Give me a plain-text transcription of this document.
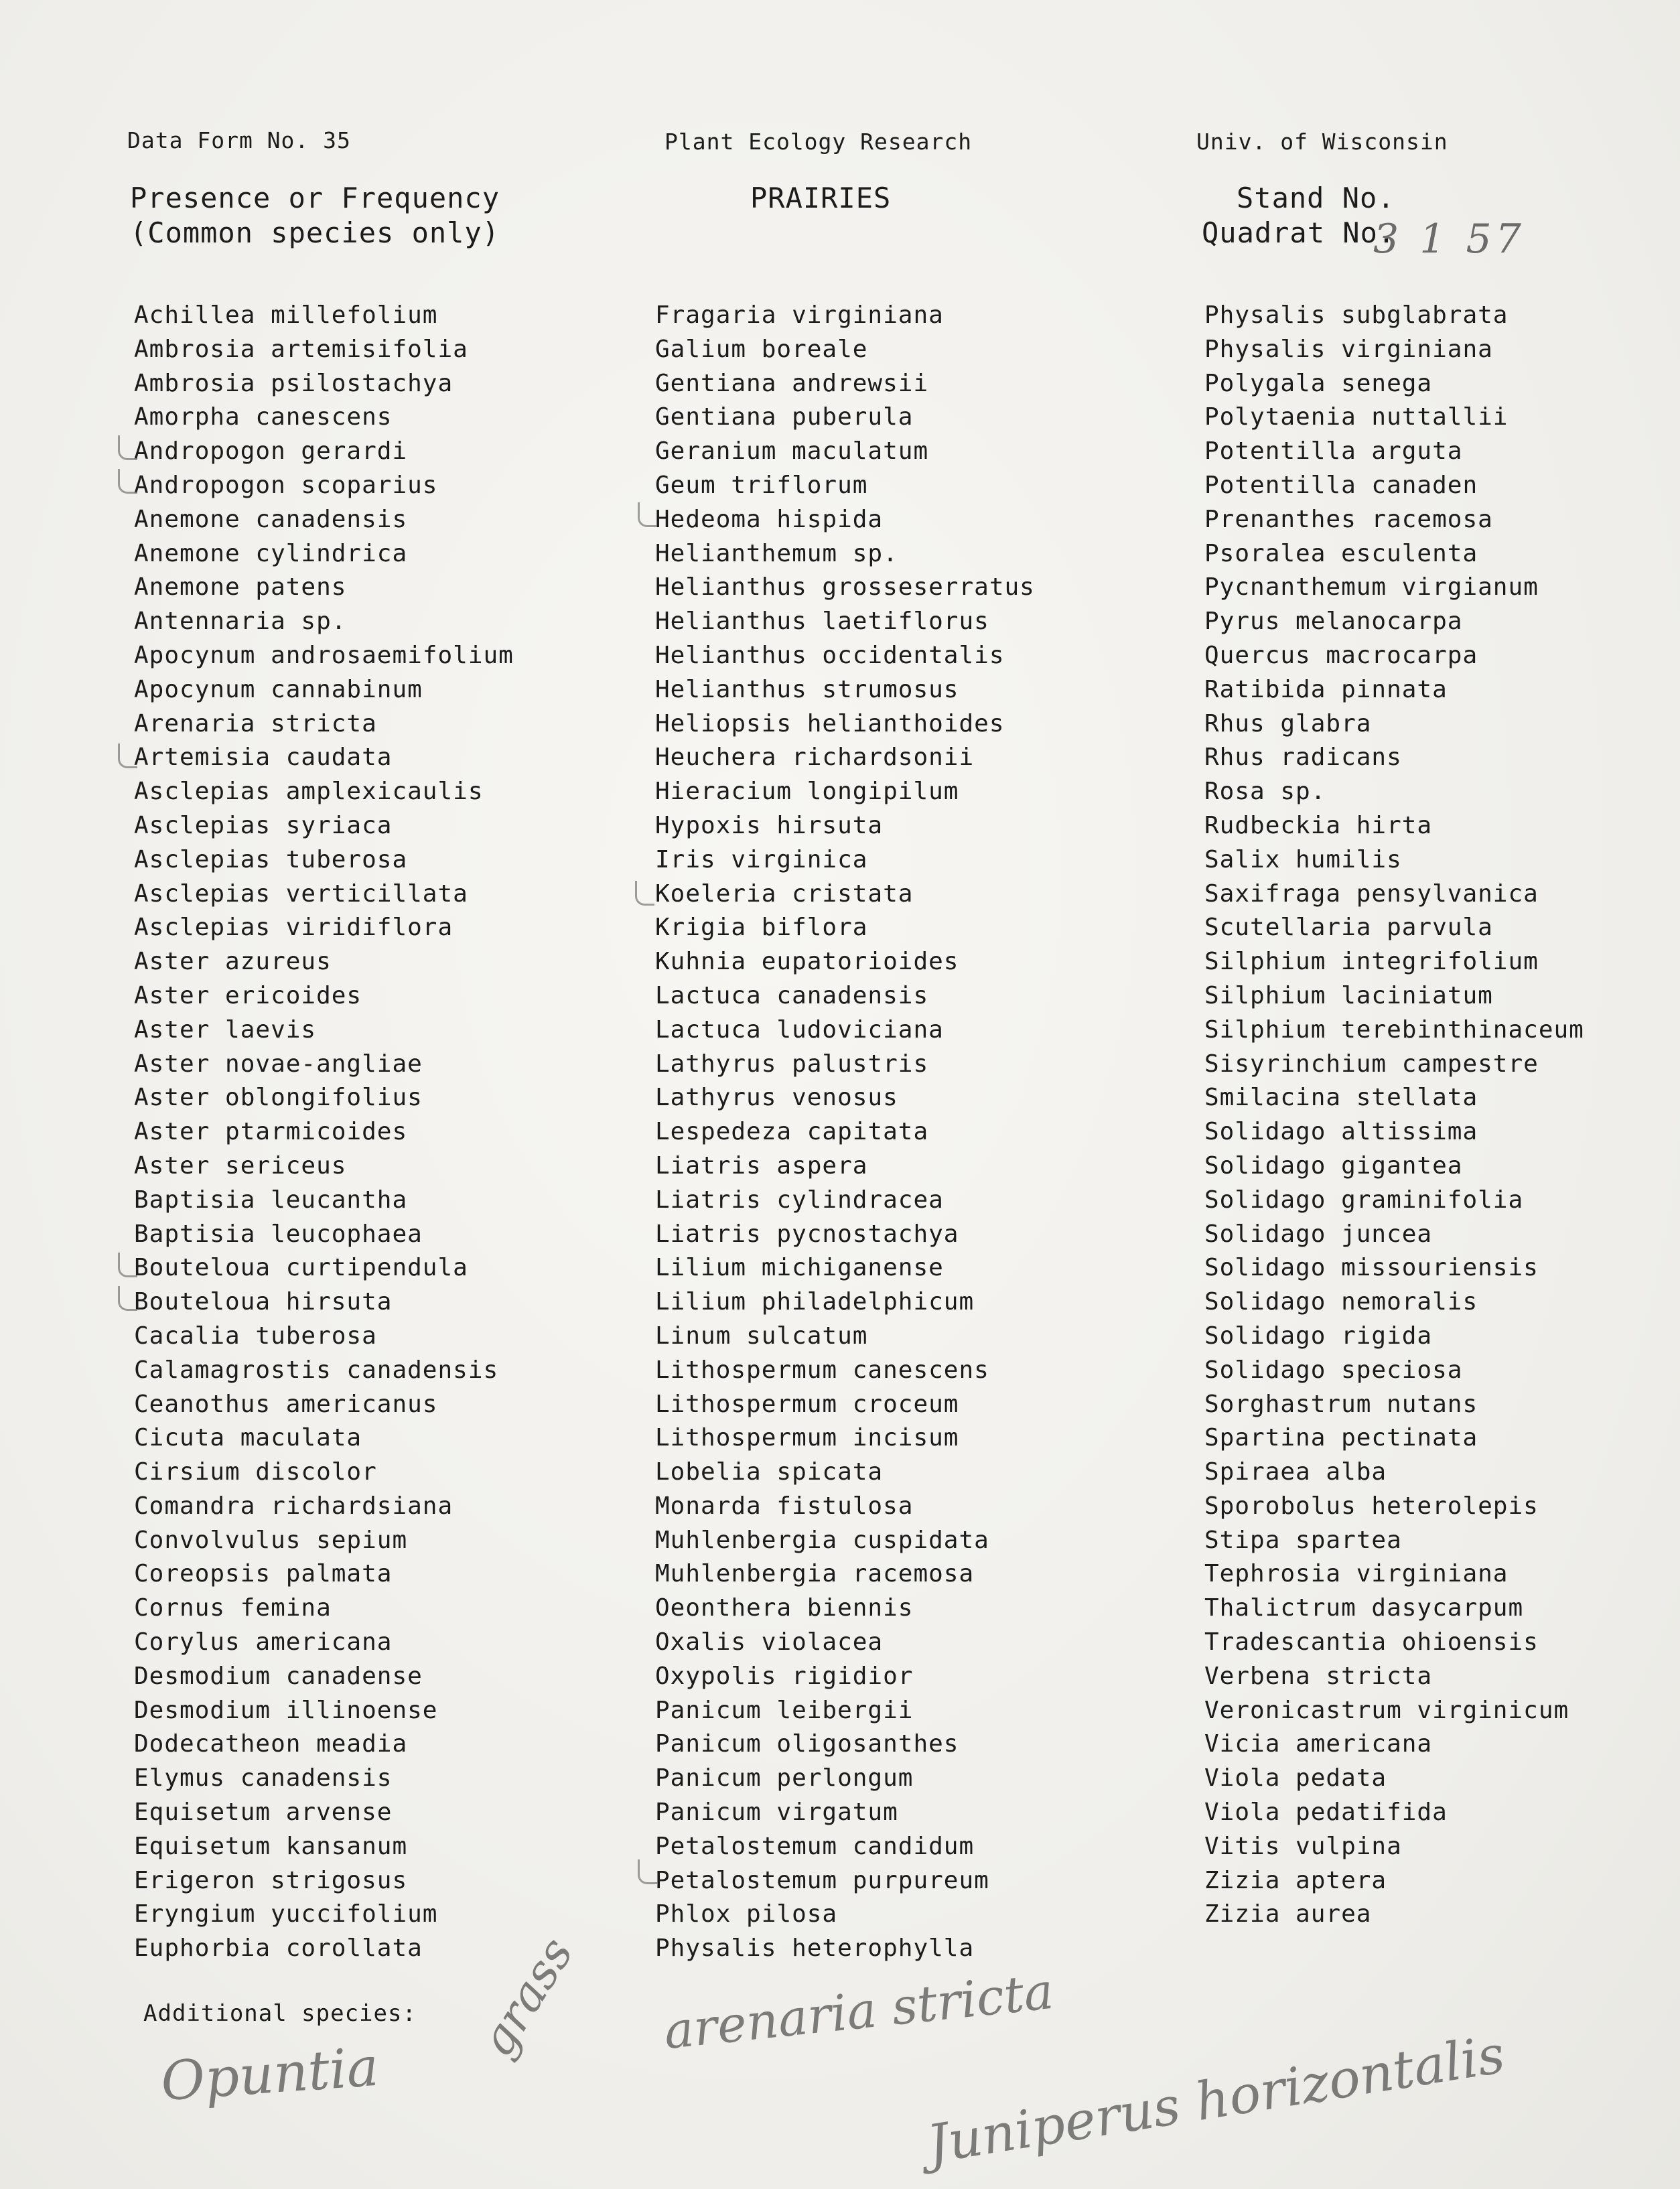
Data Form No. 35	Plant Ecology Research	Univ. of Wisconsin
Presence or Frequency
(Common species only)
PRAIRIES	Stand No.
Quadrat No.
3 1 57
Achillea millefolium
Ambrosia artemisifolia
Ambrosia psilostachya
Amorpha canescens
Andropogon gerardi
Andropogon scoparius
Anemone canadensis
Anemone cylindrica
Anemone patens
Antennaria sp.
Apocynum androsaemifolium
Apocynum cannabinum
Arenaria stricta
Artemisia caudata
Asclepias amplexicaulis
Asclepias syriaca
Asclepias tuberosa
Asclepias verticillata
Asclepias viridiflora
Aster azureus
Aster ericoides
Aster laevis
Aster novae-angliae
Aster oblongifolius
Aster ptarmicoides
Aster sericeus
Baptisia leucantha
Baptisia leucophaea
Bouteloua curtipendula
Bouteloua hirsuta
Cacalia tuberosa
Calamagrostis canadensis
Ceanothus americanus
Cicuta maculata
Cirsium discolor
Comandra richardsiana
Convolvulus sepium
Coreopsis palmata
Cornus femina
Corylus americana
Desmodium canadense
Desmodium illinoense
Dodecatheon meadia
Elymus canadensis
Equisetum arvense
Equisetum kansanum
Erigeron strigosus
Eryngium yuccifolium
Euphorbia corollata
Fragaria virginiana
Galium boreale
Gentiana andrewsii
Gentiana puberula
Geranium maculatum
Geum triflorum
Hedeoma hispida
Helianthemum sp.
Helianthus grosseserratus
Helianthus laetiflorus
Helianthus occidentalis
Helianthus strumosus
Heliopsis helianthoides
Heuchera richardsonii
Hieracium longipilum
Hypoxis hirsuta
Iris virginica
Koeleria cristata
Krigia biflora
Kuhnia eupatorioides
Lactuca canadensis
Lactuca ludoviciana
Lathyrus palustris
Lathyrus venosus
Lespedeza capitata
Liatris aspera
Liatris cylindracea
Liatris pycnostachya
Lilium michiganense
Lilium philadelphicum
Linum sulcatum
Lithospermum canescens
Lithospermum croceum
Lithospermum incisum
Lobelia spicata
Monarda fistulosa
Muhlenbergia cuspidata
Muhlenbergia racemosa
Oeonthera biennis
Oxalis violacea
Oxypolis rigidior
Panicum leibergii
Panicum oligosanthes
Panicum perlongum
Panicum virgatum
Petalostemum candidum
Petalostemum purpureum
Phlox pilosa
Physalis heterophylla
Physalis subglabrata
Physalis virginiana
Polygala senega
Polytaenia nuttallii
Potentilla arguta
Potentilla canaden
Prenanthes racemosa
Psoralea esculenta
Pycnanthemum virgianum
Pyrus melanocarpa
Quercus macrocarpa
Ratibida pinnata
Rhus glabra
Rhus radicans
Rosa sp.
Rudbeckia hirta
Salix humilis
Saxifraga pensylvanica
Scutellaria parvula
Silphium integrifolium
Silphium laciniatum
Silphium terebinthinaceum
Sisyrinchium campestre
Smilacina stellata
Solidago altissima
Solidago gigantea
Solidago graminifolia
Solidago juncea
Solidago missouriensis
Solidago nemoralis
Solidago rigida
Solidago speciosa
Sorghastrum nutans
Spartina pectinata
Spiraea alba
Sporobolus heterolepis
Stipa spartea
Tephrosia virginiana
Thalictrum dasycarpum
Tradescantia ohioensis
Verbena stricta
Veronicastrum virginicum
Vicia americana
Viola pedata
Viola pedatifida
Vitis vulpina
Zizia aptera
Zizia aurea
Additional species:
Opuntia
grass arenaria stricta
Juniperus horizontalis
